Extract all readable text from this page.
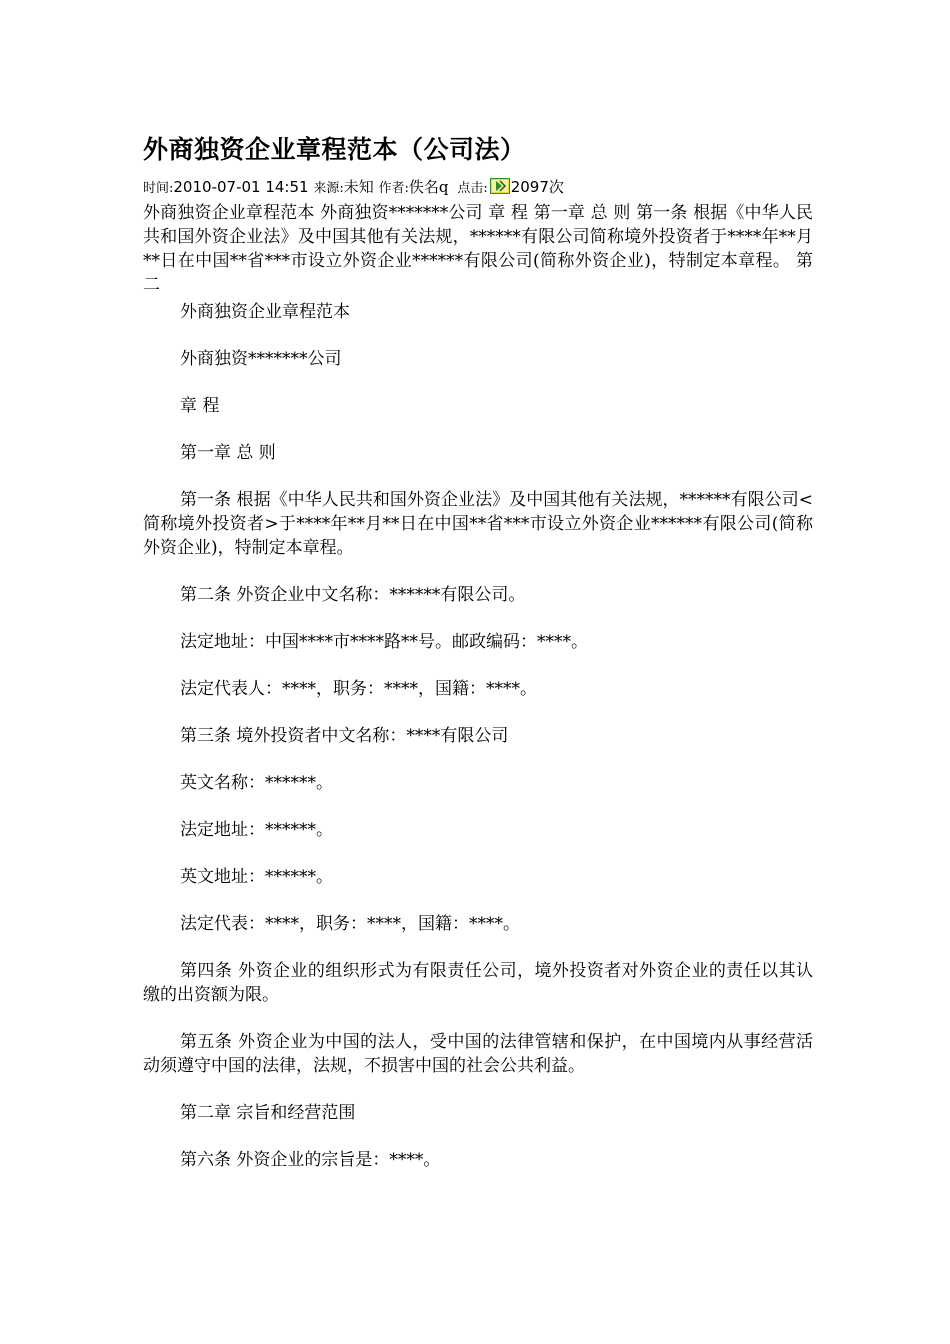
外商独资企业章程范本（公司法）
时间:2010-07-01 14:51 来源:未知 作者:佚名q 点击: 2097次

外商独资企业章程范本 外商独资*******公司 章 程 第一章 总 则 第一条 根据《中华人民共和国外资企业法》及中国其他有关法规，******有限公司简称境外投资者于****年**月**日在中国**省***市设立外资企业******有限公司(简称外资企业)，特制定本章程。 第二

外商独资企业章程范本

外商独资*******公司

章 程

第一章 总 则

第一条 根据《中华人民共和国外资企业法》及中国其他有关法规，******有限公司<简称境外投资者>于****年**月**日在中国**省***市设立外资企业******有限公司(简称外资企业)，特制定本章程。

第二条 外资企业中文名称：******有限公司。

法定地址：中国****市****路**号。邮政编码：****。

法定代表人：****，职务：****，国籍：****。

第三条 境外投资者中文名称：****有限公司

英文名称：******。

法定地址：******。

英文地址：******。

法定代表：****，职务：****，国籍：****。

第四条 外资企业的组织形式为有限责任公司，境外投资者对外资企业的责任以其认缴的出资额为限。

第五条 外资企业为中国的法人，受中国的法律管辖和保护，在中国境内从事经营活动须遵守中国的法律，法规，不损害中国的社会公共利益。

第二章 宗旨和经营范围

第六条 外资企业的宗旨是：****。
